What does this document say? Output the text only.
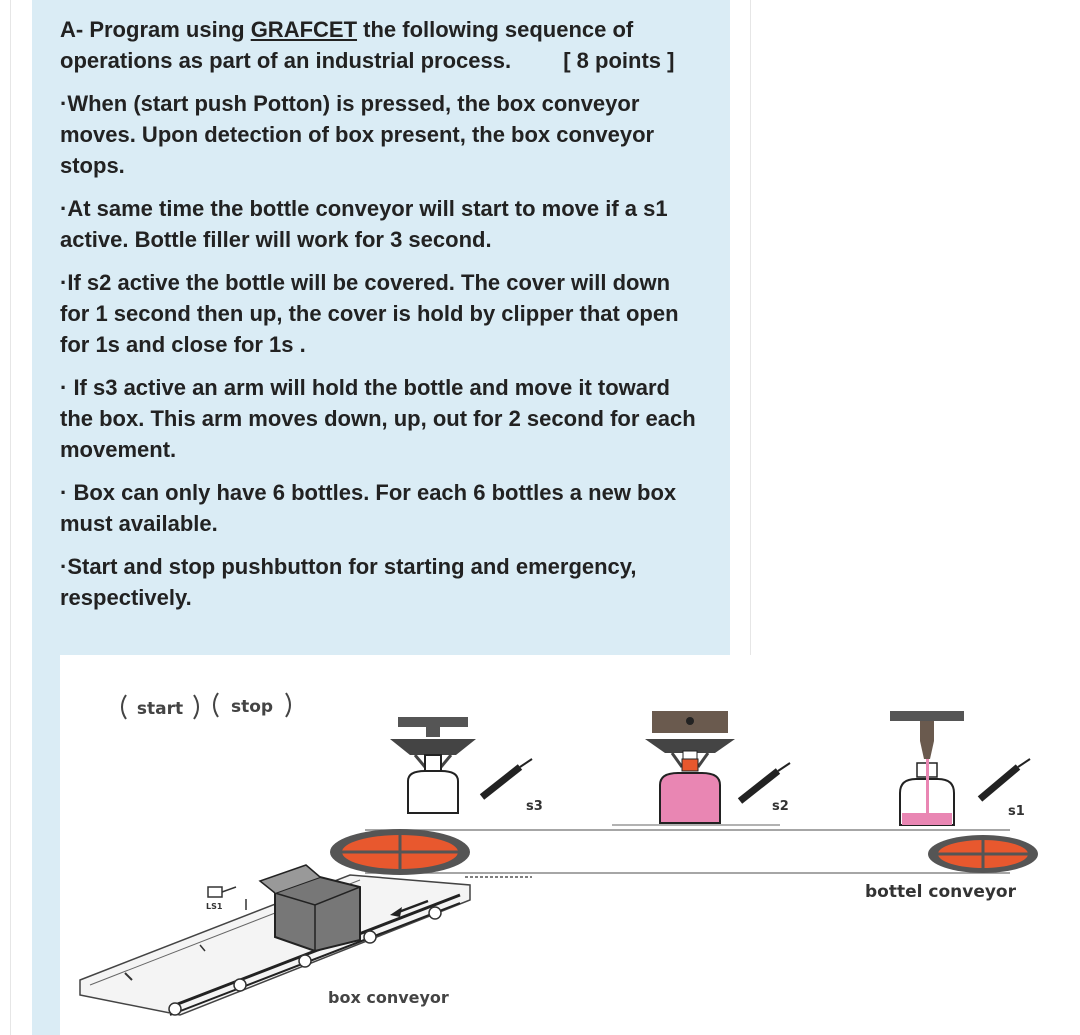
A- Program using GRAFCET the following sequence of operations as part of an industrial process. [ 8 points ]

·When (start push Potton) is pressed, the box conveyor moves. Upon detection of box present, the box conveyor stops.

·At same time the bottle conveyor will start to move if a s1 active. Bottle filler will work for 3 second.

·If s2 active the bottle will be covered. The cover will down for 1 second then up, the cover is hold by clipper that open for 1s and close for 1s .

· If s3 active an arm will hold the bottle and move it toward the box. This arm moves down, up, out for 2 second for each movement.

· Box can only have 6 bottles. For each 6 bottles a new box must available.

·Start and stop pushbutton for starting and emergency, respectively.

start	stop
s3	s2	s1
bottel conveyor
LS1
box conveyor
